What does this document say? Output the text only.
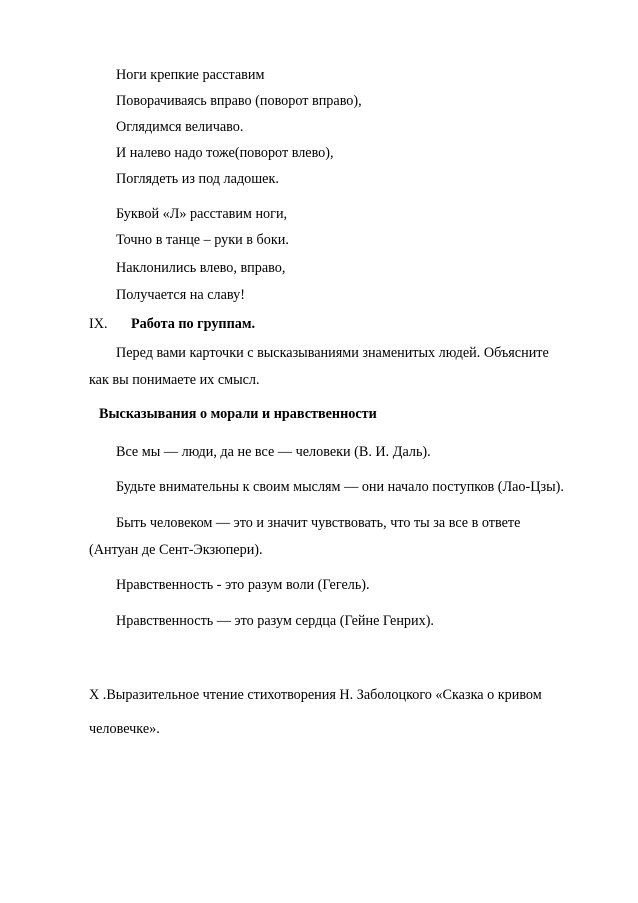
Ноги крепкие расставим
Поворачиваясь вправо (поворот вправо),
Оглядимся величаво.
И налево надо тоже(поворот влево),
Поглядеть из под ладошек.
Буквой «Л» расставим ноги,
Точно в танце – руки в боки.
Наклонились влево, вправо,
Получается на славу!
IX. Работа по группам.
Перед вами карточки с высказываниями знаменитых людей. Объясните
как вы понимаете их смысл.
Высказывания о морали и нравственности
Все мы — люди, да не все — человеки (В. И. Даль).
Будьте внимательны к своим мыслям — они начало поступков (Лао-Цзы).
Быть человеком — это и значит чувствовать, что ты за все в ответе
(Антуан де Сент-Экзюпери).
Нравственность - это разум воли (Гегель).
Нравственность — это разум сердца (Гейне Генрих).
X .Выразительное чтение стихотворения Н. Заболоцкого «Сказка о кривом
человечке».
